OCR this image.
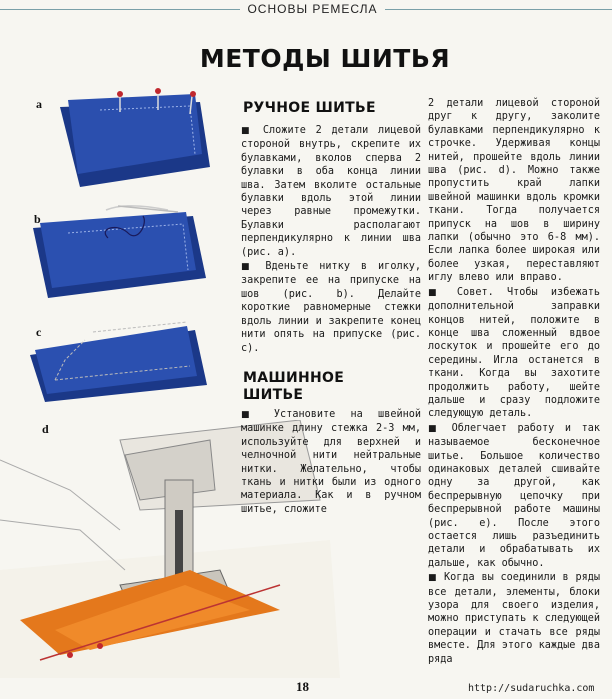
ОСНОВЫ РЕМЕСЛА
МЕТОДЫ ШИТЬЯ
a
b
c
d
РУЧНОЕ ШИТЬЕ

■ Сложите 2 детали лицевой стороной внутрь, скрепите их булавками, вколов сперва 2 булавки в оба конца линии шва. Затем вколите остальные булавки вдоль этой линии через равные промежутки. Булавки располагают перпендикулярно к линии шва (рис. а).

■ Вденьте нитку в иголку, закрепите ее на припуске на шов (рис. b). Делайте короткие равномерные стежки вдоль линии и закрепите конец нити опять на припуске (рис. с).

МАШИННОЕ
ШИТЬЕ

■ Установите на швейной машинке длину стежка 2-3 мм, используйте для верхней и челночной нити нейтральные нитки. Желательно, чтобы ткань и нитки были из одного материала. Как и в ручном шитье, сложите

2 детали лицевой стороной друг к другу, заколите булавками перпендикулярно к строчке. Удерживая концы нитей, прошейте вдоль линии шва (рис. d). Можно также пропустить край лапки швейной машинки вдоль кромки ткани. Тогда получается припуск на шов в ширину лапки (обычно это 6-8 мм). Если лапка более широкая или более узкая, переставляют иглу влево или вправо.

■ Совет. Чтобы избежать дополнительной заправки концов нитей, положите в конце шва сложенный вдвое лоскуток и прошейте его до середины. Игла останется в ткани. Когда вы захотите продолжить работу, шейте дальше и сразу подложите следующую деталь.

■ Облегчает работу и так называемое бесконечное шитье. Большое количество одинаковых деталей сшивайте одну за другой, как беспрерывную цепочку при беспрерывной работе машины (рис. е). После этого остается лишь разъединить детали и обрабатывать их дальше, как обычно.

■ Когда вы соединили в ряды все детали, элементы, блоки узора для своего изделия, можно приступать к следующей операции и стачать все ряды вместе. Для этого каждые два ряда

18	http://sudaruchka.com
